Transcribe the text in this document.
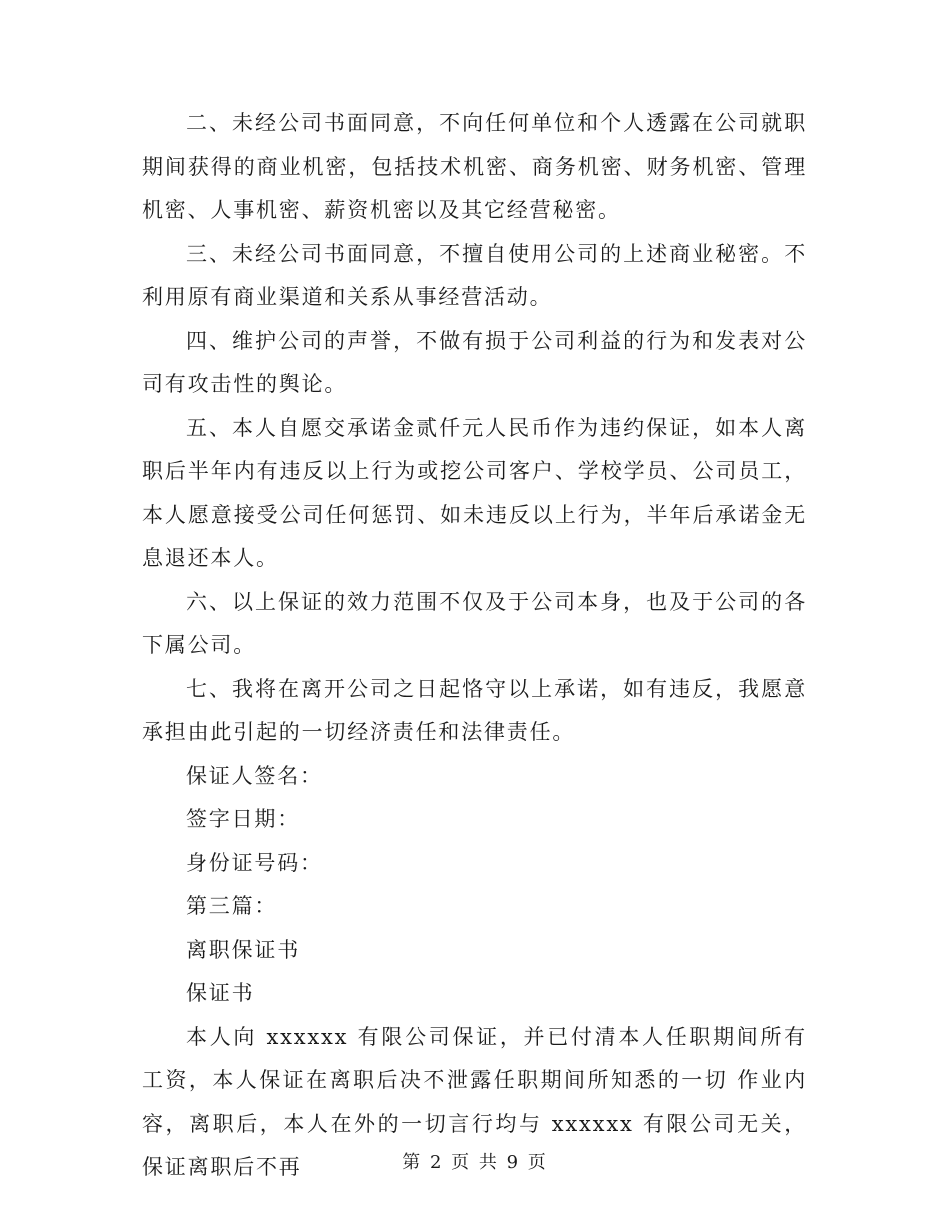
二、未经公司书面同意，不向任何单位和个人透露在公司就职期间获得的商业机密，包括技术机密、商务机密、财务机密、管理机密、人事机密、薪资机密以及其它经营秘密。

三、未经公司书面同意，不擅自使用公司的上述商业秘密。不利用原有商业渠道和关系从事经营活动。

四、维护公司的声誉，不做有损于公司利益的行为和发表对公司有攻击性的舆论。

五、本人自愿交承诺金贰仟元人民币作为违约保证，如本人离职后半年内有违反以上行为或挖公司客户、学校学员、公司员工，本人愿意接受公司任何惩罚、如未违反以上行为，半年后承诺金无息退还本人。

六、以上保证的效力范围不仅及于公司本身，也及于公司的各下属公司。

七、我将在离开公司之日起恪守以上承诺，如有违反，我愿意承担由此引起的一切经济责任和法律责任。

保证人签名：

签字日期：

身份证号码：

第三篇：

离职保证书

保证书

本人向 xxxxxx 有限公司保证，并已付清本人任职期间所有工资，本人保证在离职后决不泄露任职期间所知悉的一切 作业内容，离职后，本人在外的一切言行均与 xxxxxx 有限公司无关，保证离职后不再	第 2 页 共 9 页
